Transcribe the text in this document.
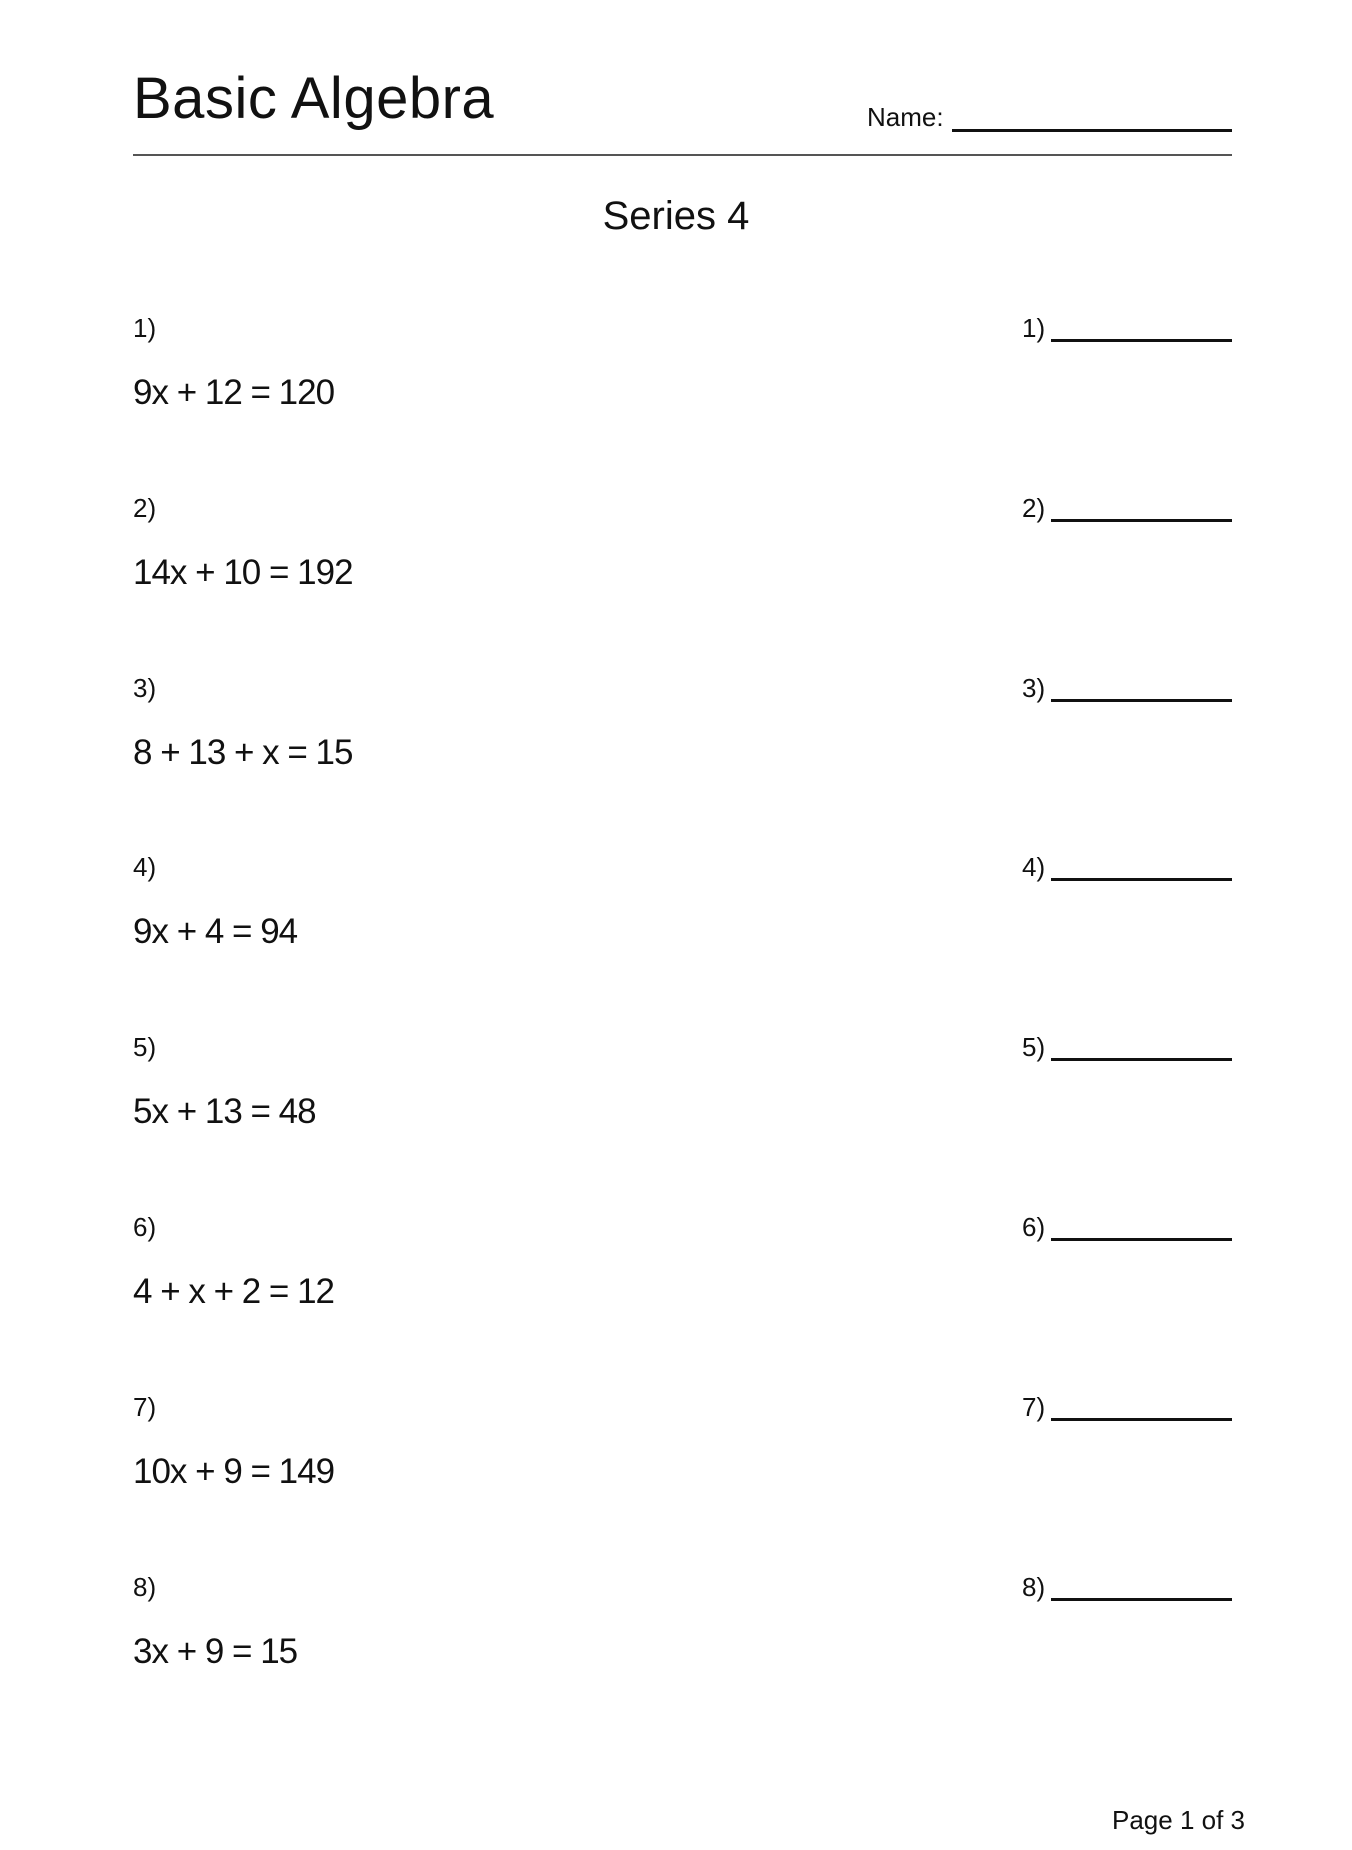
Basic Algebra	Name:
Series 4
1)
9x + 12 = 120
1)
2)
14x + 10 = 192
2)
3)
8 + 13 + x = 15
3)
4)
9x + 4 = 94
4)
5)
5x + 13 = 48
5)
6)
4 + x + 2 = 12
6)
7)
10x + 9 = 149
7)
8)
3x + 9 = 15
8)
Page 1 of 3
